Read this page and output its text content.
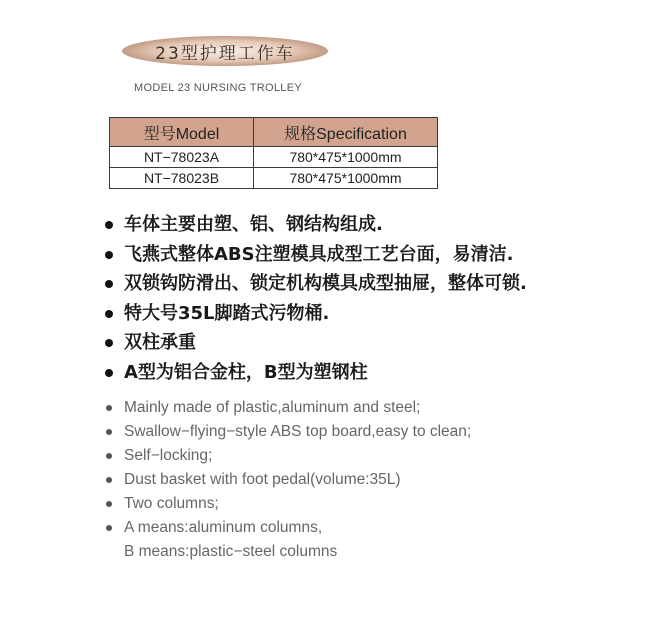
23型护理工作车
MODEL 23 NURSING TROLLEY
型号Model	规格Specification
NT−78023A	780*475*1000mm
NT−78023B	780*475*1000mm
车体主要由塑、铝、钢结构组成.
飞燕式整体ABS注塑模具成型工艺台面，易清洁.
双锁钩防滑出、锁定机构模具成型抽屉，整体可锁.
特大号35L脚踏式污物桶.
双柱承重
A型为铝合金柱，B型为塑钢柱
Mainly made of plastic,aluminum and steel;
Swallow−flying−style ABS top board,easy to clean;
Self−locking;
Dust basket with foot pedal(volume:35L)
Two columns;
A means:aluminum columns,
B means:plastic−steel columns
